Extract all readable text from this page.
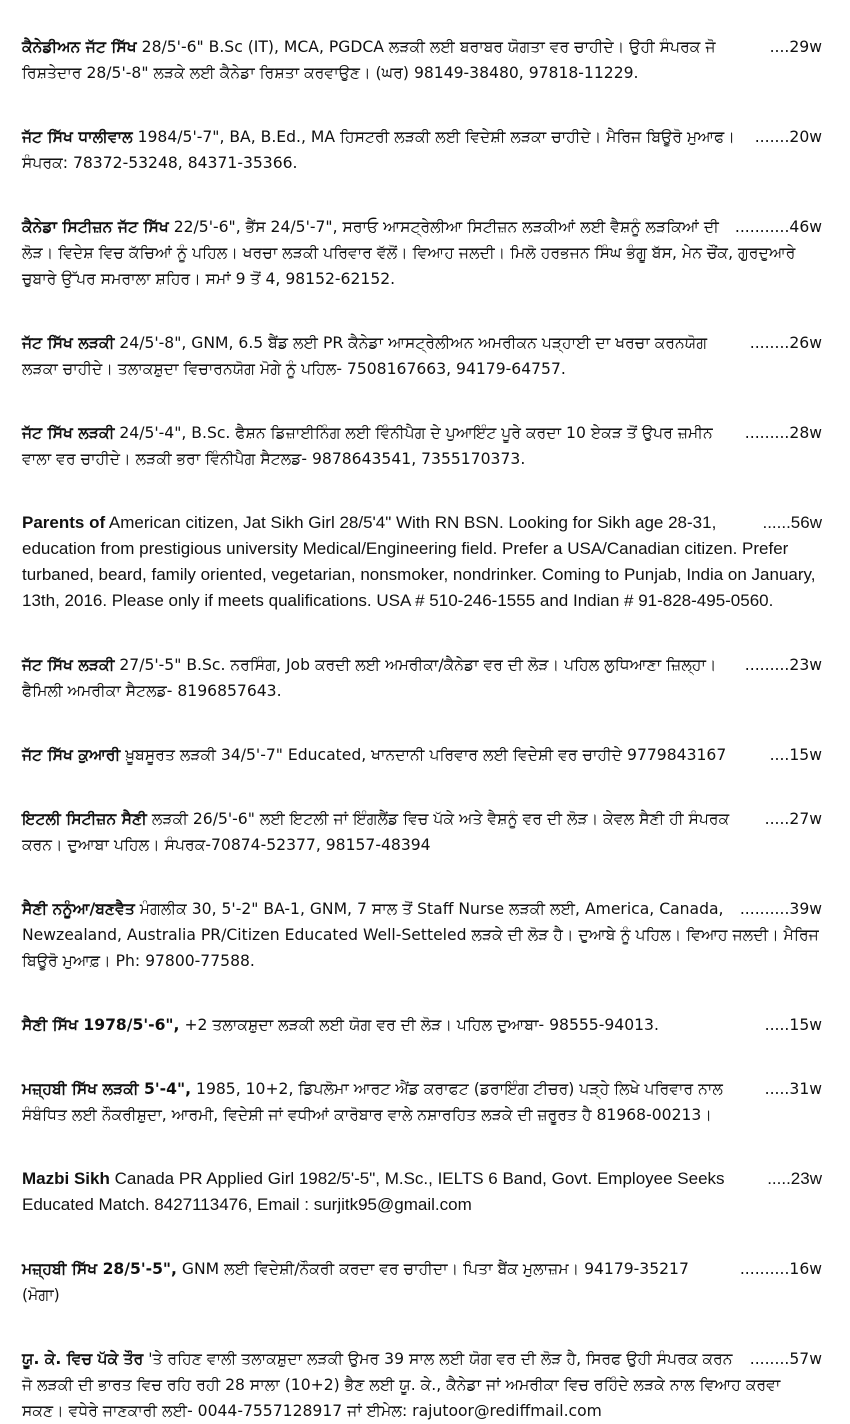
....29w
ਕੈਨੇਡੀਅਨ ਜੱਟ ਸਿੱਖ 28/5'-6" B.Sc (IT), MCA, PGDCA ਲੜਕੀ ਲਈ ਬਰਾਬਰ ਯੋਗਤਾ ਵਰ ਚਾਹੀਦੇ। ਉਹੀ ਸੰਪਰਕ ਜੋ ਰਿਸ਼ਤੇਦਾਰ 28/5'-8" ਲੜਕੇ ਲਈ ਕੈਨੇਡਾ ਰਿਸ਼ਤਾ ਕਰਵਾਉਣ। (ਘਰ) 98149-38480, 97818-11229.
.......20w
ਜੱਟ ਸਿੱਖ ਧਾਲੀਵਾਲ 1984/5'-7", BA, B.Ed., MA ਹਿਸਟਰੀ ਲੜਕੀ ਲਈ ਵਿਦੇਸ਼ੀ ਲੜਕਾ ਚਾਹੀਦੇ। ਮੈਰਿਜ ਬਿਊਰੋ ਮੁਆਫ। ਸੰਪਰਕ: 78372-53248, 84371-35366.
...........46w
ਕੈਨੇਡਾ ਸਿਟੀਜ਼ਨ ਜੱਟ ਸਿੱਖ 22/5'-6", ਭੈਂਸ 24/5'-7", ਸਰਾਓ ਆਸਟ੍ਰੇਲੀਆ ਸਿਟੀਜ਼ਨ ਲੜਕੀਆਂ ਲਈ ਵੈਸ਼ਨੂੰ ਲੜਕਿਆਂ ਦੀ ਲੋੜ। ਵਿਦੇਸ਼ ਵਿਚ ਕੱਚਿਆਂ ਨੂੰ ਪਹਿਲ। ਖਰਚਾ ਲੜਕੀ ਪਰਿਵਾਰ ਵੱਲੋਂ। ਵਿਆਹ ਜਲਦੀ। ਮਿਲੋ ਹਰਭਜਨ ਸਿੰਘ ਭੰਗੂ ਬੱਸ, ਮੇਨ ਚੌਂਕ, ਗੁਰਦੁਆਰੇ ਚੁਬਾਰੇ ਉੱਪਰ ਸਮਰਾਲਾ ਸ਼ਹਿਰ। ਸਮਾਂ 9 ਤੋਂ 4, 98152-62152.
........26w
ਜੱਟ ਸਿੱਖ ਲੜਕੀ 24/5'-8", GNM, 6.5 ਬੈਂਡ ਲਈ PR ਕੈਨੇਡਾ ਆਸਟ੍ਰੇਲੀਅਨ ਅਮਰੀਕਨ ਪੜ੍ਹਾਈ ਦਾ ਖਰਚਾ ਕਰਨਯੋਗ ਲੜਕਾ ਚਾਹੀਦੇ। ਤਲਾਕਸ਼ੁਦਾ ਵਿਚਾਰਨਯੋਗ ਮੋਗੇ ਨੂੰ ਪਹਿਲ- 7508167663, 94179-64757.
.........28w
ਜੱਟ ਸਿੱਖ ਲੜਕੀ 24/5'-4", B.Sc. ਫੈਸ਼ਨ ਡਿਜ਼ਾਈਨਿੰਗ ਲਈ ਵਿੰਨੀਪੈਗ ਦੇ ਪੁਆਇੰਟ ਪੂਰੇ ਕਰਦਾ 10 ਏਕੜ ਤੋਂ ਉਪਰ ਜ਼ਮੀਨ ਵਾਲਾ ਵਰ ਚਾਹੀਦੇ। ਲੜਕੀ ਭਰਾ ਵਿੰਨੀਪੈਗ ਸੈਟਲਡ- 9878643541, 7355170373.
......56w
Parents of American citizen, Jat Sikh Girl 28/5'4" With RN BSN. Looking for Sikh age 28-31, education from prestigious university Medical/Engineering field. Prefer a USA/Canadian citizen. Prefer turbaned, beard, family oriented, vegetarian, nonsmoker, nondrinker. Coming to Punjab, India on January, 13th, 2016. Please only if meets qualifications. USA # 510-246-1555 and Indian # 91-828-495-0560.
.........23w
ਜੱਟ ਸਿੱਖ ਲੜਕੀ 27/5'-5" B.Sc. ਨਰਸਿੰਗ, Job ਕਰਦੀ ਲਈ ਅਮਰੀਕਾ/ਕੈਨੇਡਾ ਵਰ ਦੀ ਲੋੜ। ਪਹਿਲ ਲੁਧਿਆਣਾ ਜ਼ਿਲ੍ਹਾ। ਫੈਮਿਲੀ ਅਮਰੀਕਾ ਸੈਟਲਡ- 8196857643.
....15w
ਜੱਟ ਸਿੱਖ ਕੁਆਰੀ ਖ਼ੂਬਸੂਰਤ ਲੜਕੀ 34/5'-7" Educated, ਖਾਨਦਾਨੀ ਪਰਿਵਾਰ ਲਈ ਵਿਦੇਸ਼ੀ ਵਰ ਚਾਹੀਦੇ 9779843167
.....27w
ਇਟਲੀ ਸਿਟੀਜ਼ਨ ਸੈਣੀ ਲੜਕੀ 26/5'-6" ਲਈ ਇਟਲੀ ਜਾਂ ਇੰਗਲੈਂਡ ਵਿਚ ਪੱਕੇ ਅਤੇ ਵੈਸ਼ਨੂੰ ਵਰ ਦੀ ਲੋੜ। ਕੇਵਲ ਸੈਣੀ ਹੀ ਸੰਪਰਕ ਕਰਨ। ਦੁਆਬਾ ਪਹਿਲ। ਸੰਪਰਕ-70874-52377, 98157-48394
..........39w
ਸੈਣੀ ਨਨੂੰਆ/ਬਣਵੈਤ ਮੰਗਲੀਕ 30, 5'-2" BA-1, GNM, 7 ਸਾਲ ਤੋਂ Staff Nurse ਲੜਕੀ ਲਈ, America, Canada, Newzealand, Australia PR/Citizen Educated Well-Setteled ਲੜਕੇ ਦੀ ਲੋੜ ਹੈ। ਦੁਆਬੇ ਨੂੰ ਪਹਿਲ। ਵਿਆਹ ਜਲਦੀ। ਮੈਰਿਜ ਬਿਊਰੋ ਮੁਆਫ਼। Ph: 97800-77588.
.....15w
ਸੈਣੀ ਸਿੱਖ 1978/5'-6", +2 ਤਲਾਕਸ਼ੁਦਾ ਲੜਕੀ ਲਈ ਯੋਗ ਵਰ ਦੀ ਲੋੜ। ਪਹਿਲ ਦੁਆਬਾ- 98555-94013.
.....31w
ਮਜ਼੍ਹਬੀ ਸਿੱਖ ਲੜਕੀ 5'-4", 1985, 10+2, ਡਿਪਲੋਮਾ ਆਰਟ ਐਂਡ ਕਰਾਫਟ (ਡਰਾਇੰਗ ਟੀਚਰ) ਪੜ੍ਹੇ ਲਿਖੇ ਪਰਿਵਾਰ ਨਾਲ ਸੰਬੰਧਿਤ ਲਈ ਨੌਕਰੀਸ਼ੁਦਾ, ਆਰਮੀ, ਵਿਦੇਸ਼ੀ ਜਾਂ ਵਧੀਆਂ ਕਾਰੋਬਾਰ ਵਾਲੇ ਨਸ਼ਾਰਹਿਤ ਲੜਕੇ ਦੀ ਜ਼ਰੂਰਤ ਹੈ 81968-00213।
.....23w
Mazbi Sikh Canada PR Applied Girl 1982/5'-5", M.Sc., IELTS 6 Band, Govt. Employee Seeks Educated Match. 8427113476, Email : surjitk95@gmail.com
..........16w
ਮਜ਼੍ਹਬੀ ਸਿੱਖ 28/5'-5", GNM ਲਈ ਵਿਦੇਸ਼ੀ/ਨੌਕਰੀ ਕਰਦਾ ਵਰ ਚਾਹੀਦਾ। ਪਿਤਾ ਬੈਂਕ ਮੁਲਾਜ਼ਮ। 94179-35217 (ਮੋਗਾ)
........57w
ਯੂ. ਕੇ. ਵਿਚ ਪੱਕੇ ਤੌਰ 'ਤੇ ਰਹਿਣ ਵਾਲੀ ਤਲਾਕਸ਼ੁਦਾ ਲੜਕੀ ਉਮਰ 39 ਸਾਲ ਲਈ ਯੋਗ ਵਰ ਦੀ ਲੋੜ ਹੈ, ਸਿਰਫ ਉਹੀ ਸੰਪਰਕ ਕਰਨ ਜੋ ਲੜਕੀ ਦੀ ਭਾਰਤ ਵਿਚ ਰਹਿ ਰਹੀ 28 ਸਾਲਾ (10+2) ਭੈਣ ਲਈ ਯੂ. ਕੇ., ਕੈਨੇਡਾ ਜਾਂ ਅਮਰੀਕਾ ਵਿਚ ਰਹਿੰਦੇ ਲੜਕੇ ਨਾਲ ਵਿਆਹ ਕਰਵਾ ਸਕਣ। ਵਧੇਰੇ ਜਾਣਕਾਰੀ ਲਈ- 0044-7557128917 ਜਾਂ ਈਮੇਲ: rajutoor@rediffmail.com
